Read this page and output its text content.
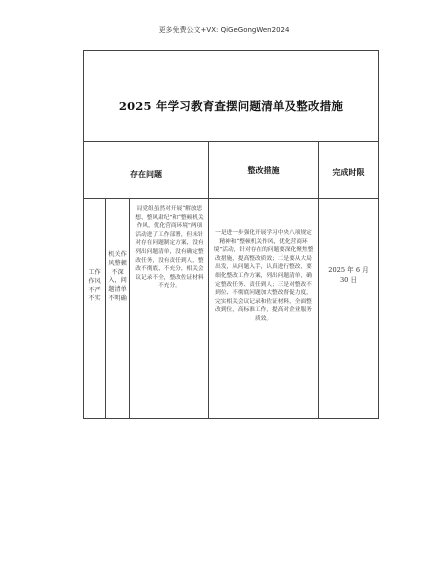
更多免费公文+VX: QiGeGongWen2024
2025 年学习教育查摆问题清单及整改措施
存在问题	整改措施	完成时限
工作作风不严不实
机关作风整顿不深入，问题清单不明确
局党组虽然对开展“解放思想、整风肃纪”和“整顿机关作风，优化营商环境”两项活动进了工作部署，但未针对存在问题制定方案，没有列出问题清单，没有确定整改任务，没有责任到人，整改不彻底、不充分，相关会议记录不全，整改佐证材料不充分。
一是进一步强化开展学习中央八项规定精神和“整顿机关作风，优化营商环境”活动，针对存在的问题要深化聚焦整改措施，提高整改质效；二是要从大局出发，从问题入手，认真进行整改，要细化整改工作方案，列出问题清单，确定整改任务、责任到人；三是对整改不到位、不彻底问题加大整改督促力度，完实相关会议记录和佐证材料，全面整改到位，高标准工作，提高对企业服务质效。
2025 年 6 月 30 日
